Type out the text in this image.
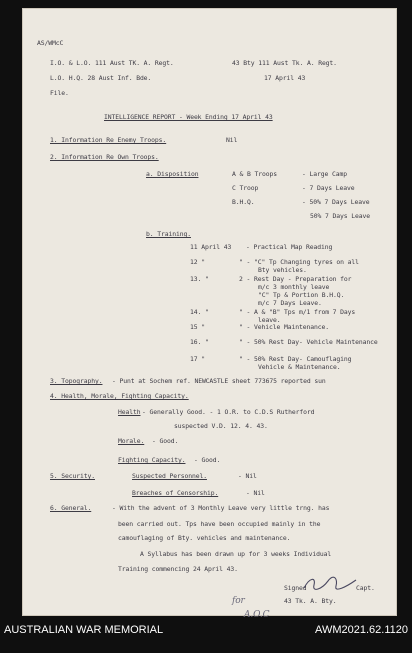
AS/WMcC
I.O. & L.O. 111 Aust TK. A. Regt.	43 Bty 111 Aust Tk. A. Regt.
L.O. H.Q. 28 Aust Inf. Bde.	17 April 43
File.
INTELLIGENCE REPORT - Week Ending 17 April 43
1. Information Re Enemy Troops.	Nil
2. Information Re Own Troops.
a. Disposition	A & B Troops	- Large Camp
C Troop	- 7 Days Leave
B.H.Q.	- 50% 7 Days Leave
50% 7 Days Leave
b. Training.
11 April 43 - Practical Map Reading
12 "	" - "C" Tp Changing tyres on all
Bty vehicles.
13. "	2 - Rest Day - Preparation for
m/c 3 monthly leave
"C" Tp & Portion B.H.Q.
m/c 7 Days Leave.
14. "	" - A & "B" Tps m/1 from 7 Days
leave.
15 "	" - Vehicle Maintenance.
16. "	" - 50% Rest Day- Vehicle Maintenance
17 "	" - 50% Rest Day- Camouflaging
Vehicle & Maintenance.
3. Topography. - Punt at Sochem ref. NEWCASTLE sheet 773675 reported sun
4. Health, Morale, Fighting Capacity.
Health - Generally Good. - 1 O.R. to C.D.S Rutherford
suspected V.D. 12. 4. 43.
Morale. - Good.
Fighting Capacity. - Good.
5. Security.	Suspected Personnel.	- Nil
Breaches of Censorship.	- Nil
6. General.	- With the advent of 3 Monthly Leave very little trng. has
been carried out. Tps have been occupied mainly in the
camouflaging of Bty. vehicles and maintenance.
A Syllabus has been drawn up for 3 weeks Individual
Training commencing 24 April 43.
Signed	Capt.
43 Tk. A. Bty.
for
A.O.C
AUSTRALIAN WAR MEMORIAL	AWM2021.62.1120
